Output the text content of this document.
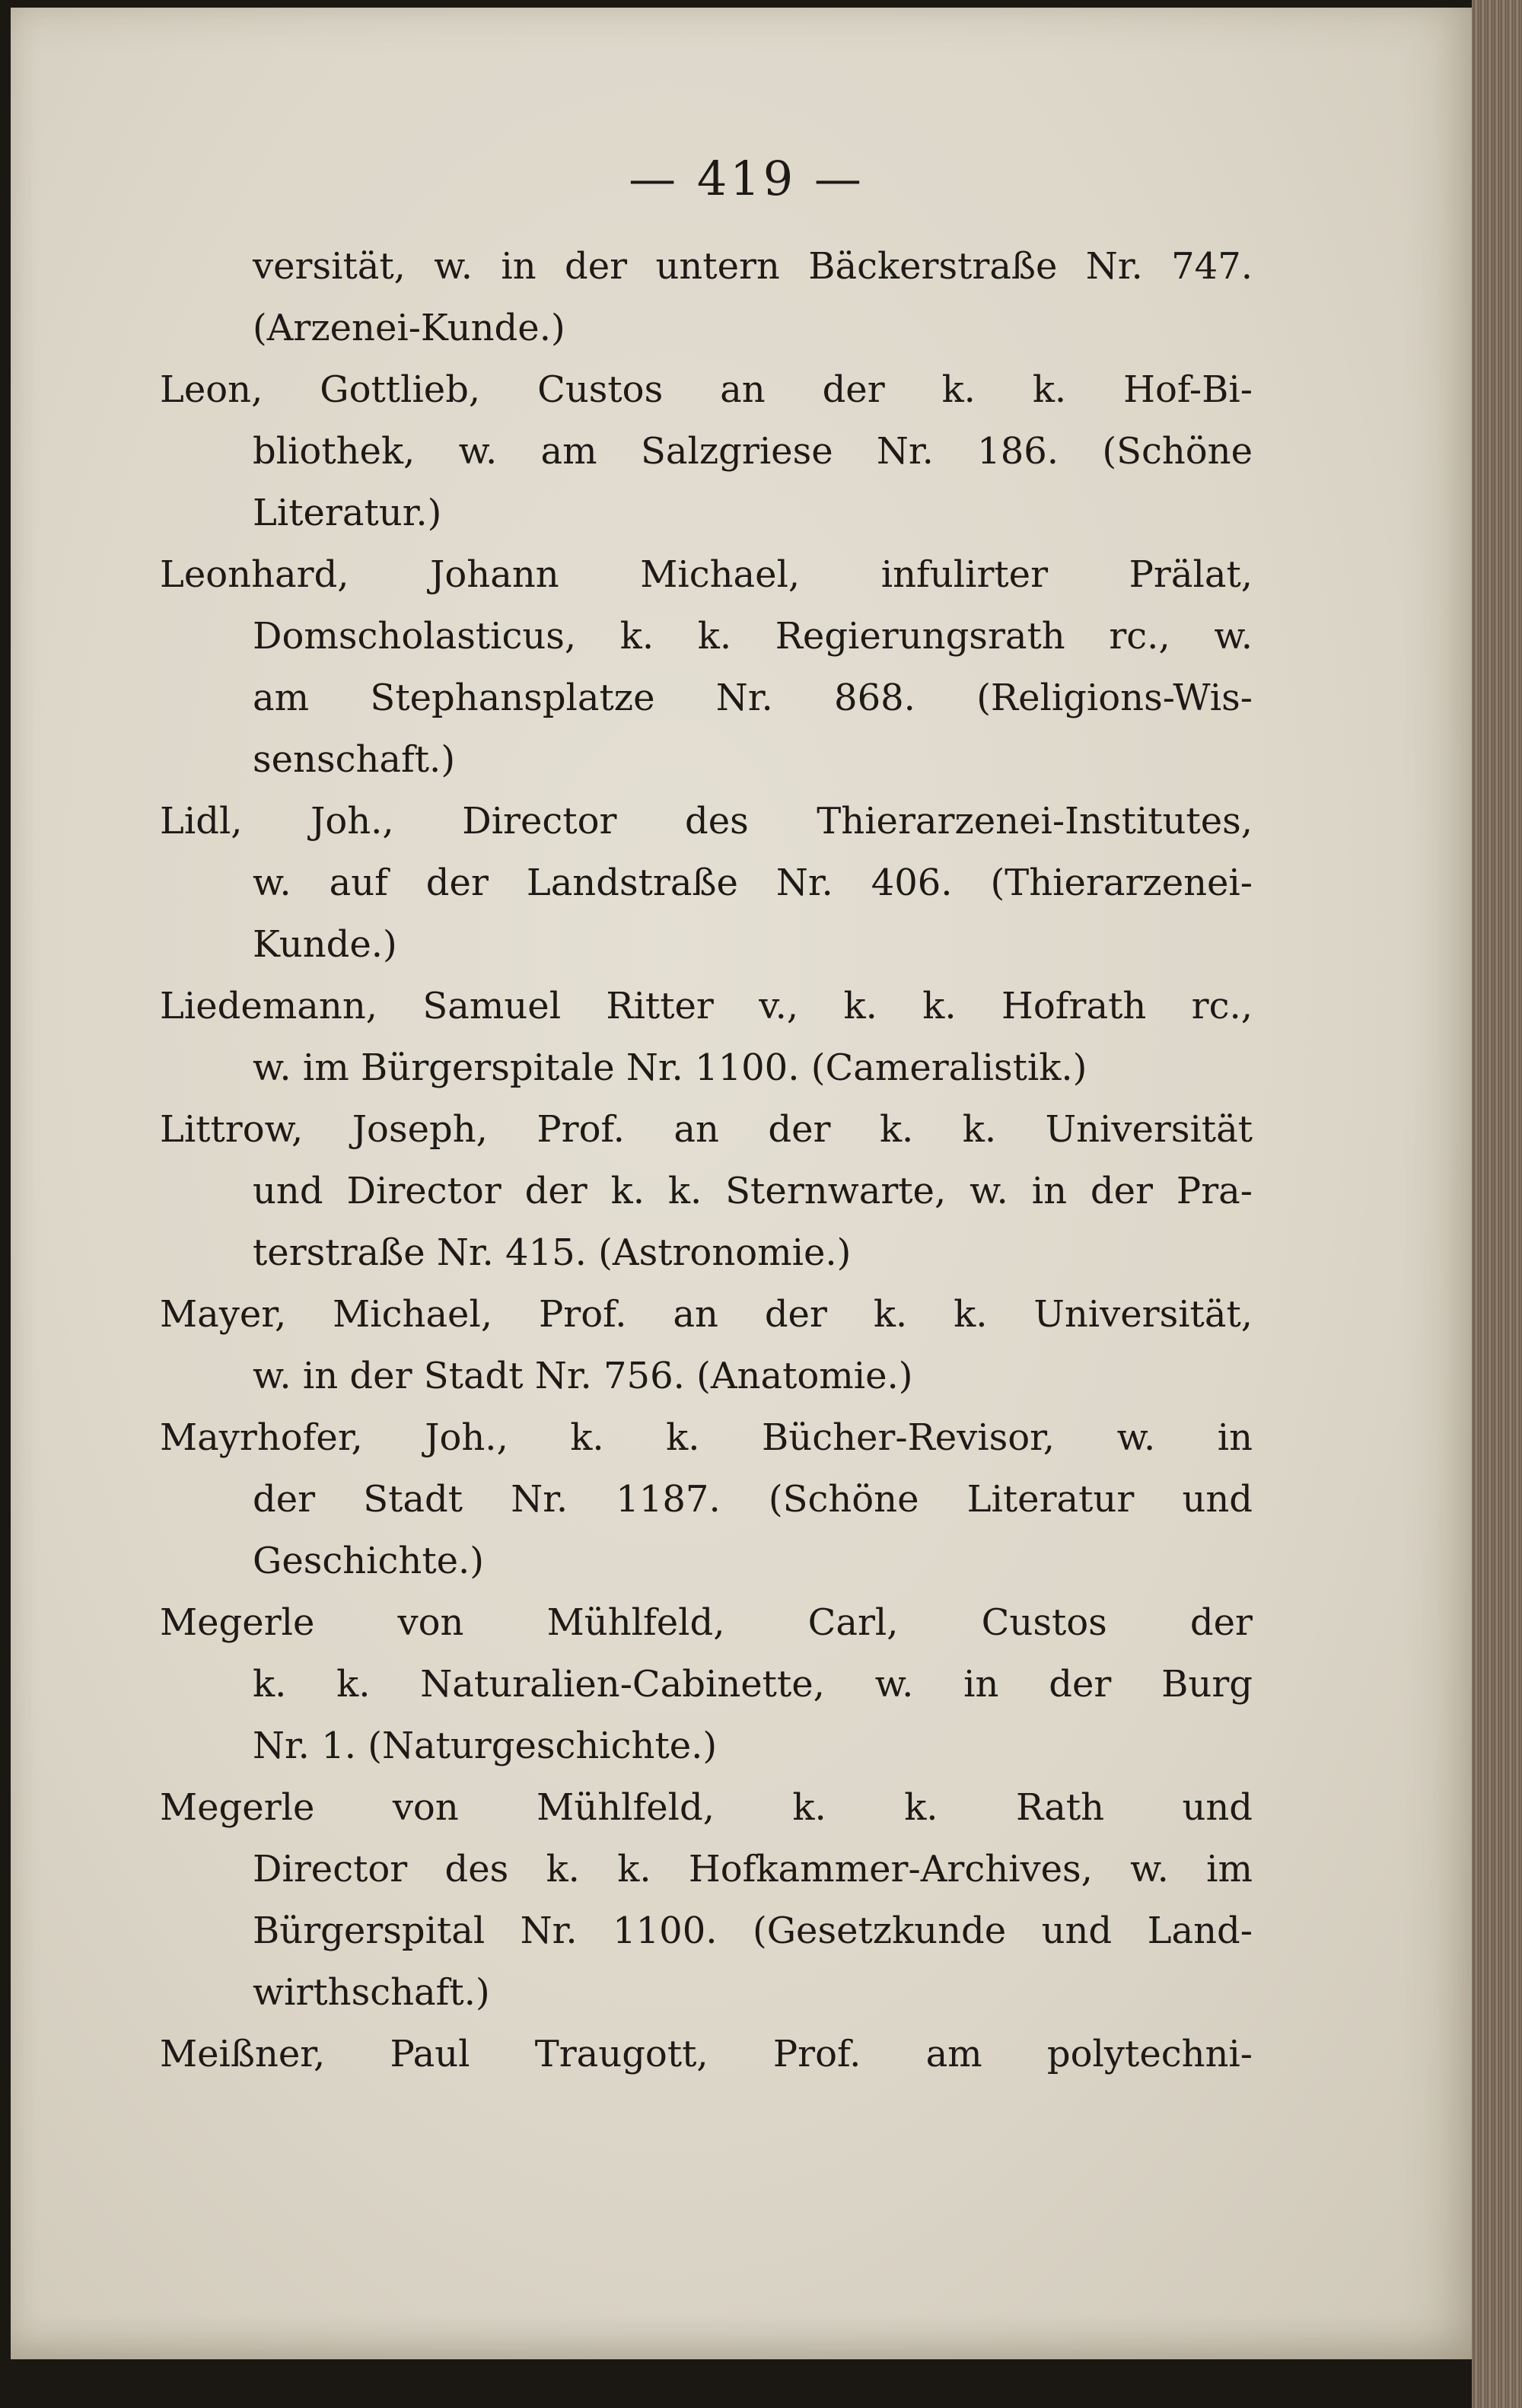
— 419 —
versität, w. in der untern Bäckerstraße Nr. 747.
(Arzenei-Kunde.)
Leon, Gottlieb, Custos an der k. k. Hof-Bi-
bliothek, w. am Salzgriese Nr. 186. (Schöne
Literatur.)
Leonhard, Johann Michael, infulirter Prälat,
Domscholasticus, k. k. Regierungsrath rc., w.
am Stephansplatze Nr. 868. (Religions-Wis-
senschaft.)
Lidl, Joh., Director des Thierarzenei-Institutes,
w. auf der Landstraße Nr. 406. (Thierarzenei-
Kunde.)
Liedemann, Samuel Ritter v., k. k. Hofrath rc.,
w. im Bürgerspitale Nr. 1100. (Cameralistik.)
Littrow, Joseph, Prof. an der k. k. Universität
und Director der k. k. Sternwarte, w. in der Pra-
terstraße Nr. 415. (Astronomie.)
Mayer, Michael, Prof. an der k. k. Universität,
w. in der Stadt Nr. 756. (Anatomie.)
Mayrhofer, Joh., k. k. Bücher-Revisor, w. in
der Stadt Nr. 1187. (Schöne Literatur und
Geschichte.)
Megerle von Mühlfeld, Carl, Custos der
k. k. Naturalien-Cabinette, w. in der Burg
Nr. 1. (Naturgeschichte.)
Megerle von Mühlfeld, k. k. Rath und
Director des k. k. Hofkammer-Archives, w. im
Bürgerspital Nr. 1100. (Gesetzkunde und Land-
wirthschaft.)
Meißner, Paul Traugott, Prof. am polytechni-
